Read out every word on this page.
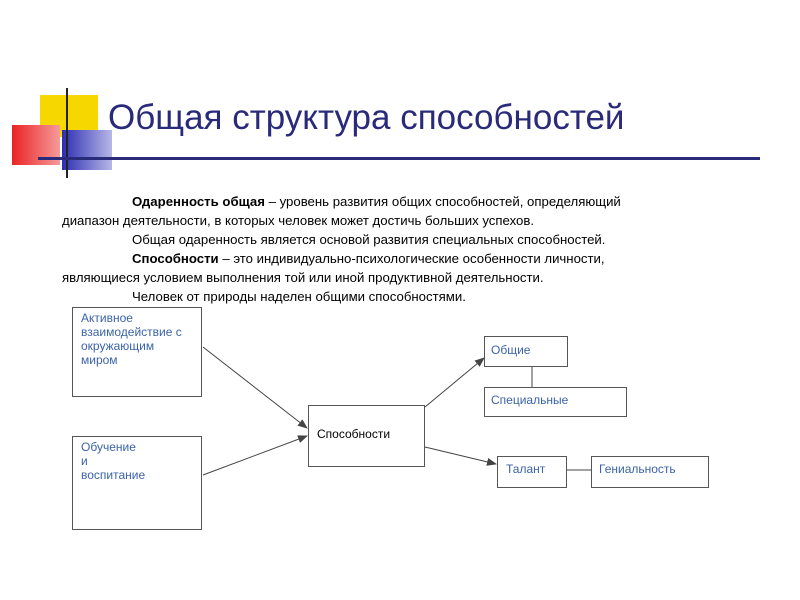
Общая структура способностей

Одаренность общая – уровень развития общих способностей, определяющий

диапазон деятельности, в которых человек может достичь больших успехов.

Общая одаренность является основой развития специальных способностей.

Способности – это индивидуально-психологические особенности личности,

являющиеся условием выполнения той или иной продуктивной деятельности.

Человек от природы наделен общими способностями.

Активное
взаимодействие с
окружающим
миром
Обучение
и
воспитание
Способности
Общие
Специальные
Талант	Гениальность
